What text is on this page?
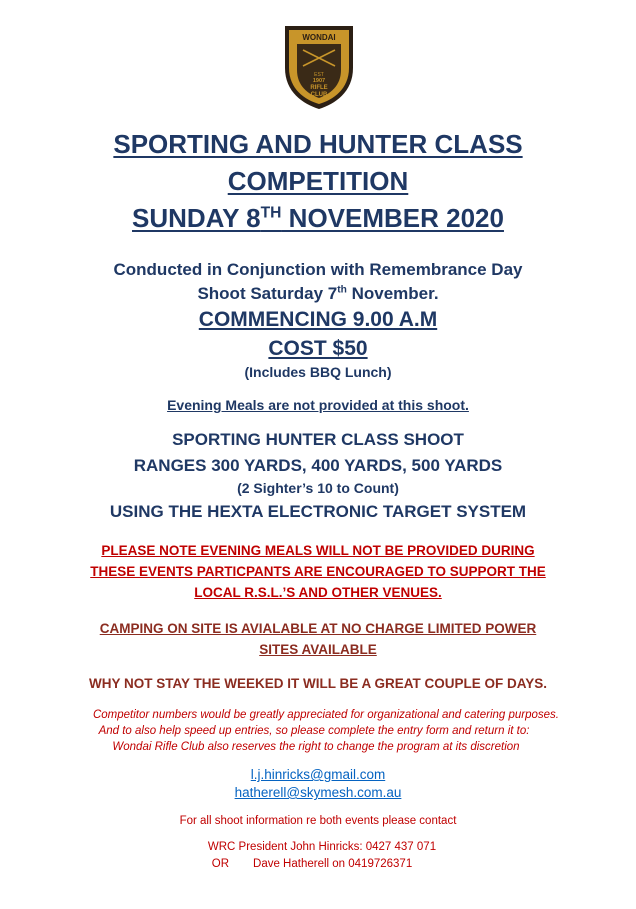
WONDAI
EST
1907
RIFLE
CLUB
SPORTING AND HUNTER CLASS
COMPETITION
SUNDAY 8TH NOVEMBER 2020
Conducted in Conjunction with Remembrance Day
Shoot Saturday 7th November.
COMMENCING 9.00 A.M
COST $50
(Includes BBQ Lunch)
Evening Meals are not provided at this shoot.
SPORTING HUNTER CLASS SHOOT
RANGES 300 YARDS, 400 YARDS, 500 YARDS
(2 Sighter’s 10 to Count)
USING THE HEXTA ELECTRONIC TARGET SYSTEM
PLEASE NOTE EVENING MEALS WILL NOT BE PROVIDED DURING
THESE EVENTS PARTICPANTS ARE ENCOURAGED TO SUPPORT THE
LOCAL R.S.L.’S AND OTHER VENUES.
CAMPING ON SITE IS AVIALABLE AT NO CHARGE LIMITED POWER
SITES AVAILABLE
WHY NOT STAY THE WEEKED IT WILL BE A GREAT COUPLE OF DAYS.
Competitor numbers would be greatly appreciated for organizational and catering purposes.
And to also help speed up entries, so please complete the entry form and return it to:
Wondai Rifle Club also reserves the right to change the program at its discretion
l.j.hinricks@gmail.com
hatherell@skymesh.com.au
For all shoot information re both events please contact
WRC President John Hinricks: 0427 437 071
OR Dave Hatherell on 0419726371
